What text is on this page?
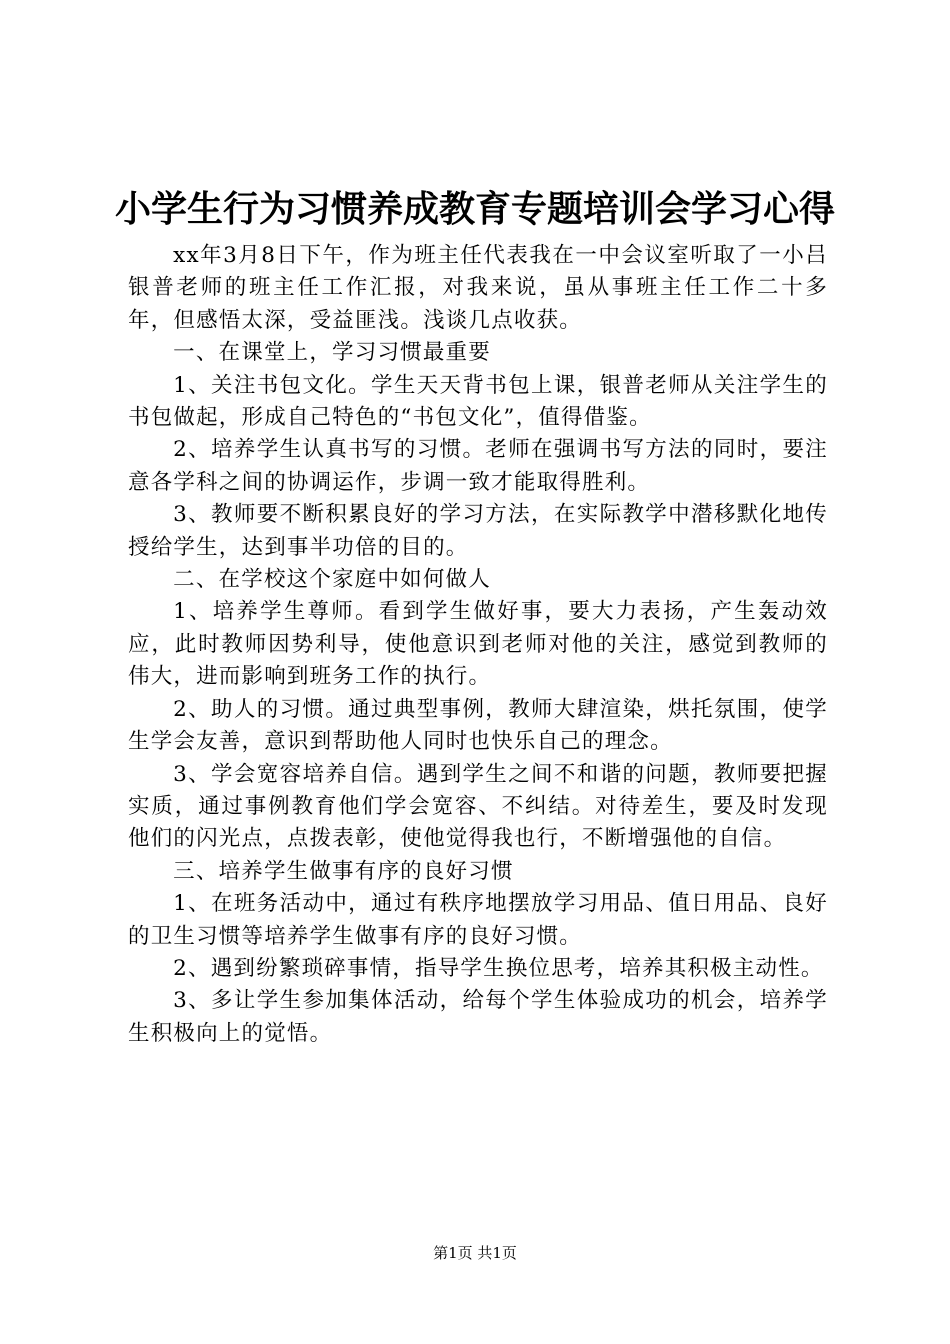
小学生行为习惯养成教育专题培训会学习心得

xx年3月8日下午，作为班主任代表我在一中会议室听取了一小吕银普老师的班主任工作汇报，对我来说，虽从事班主任工作二十多年，但感悟太深，受益匪浅。浅谈几点收获。

一、在课堂上，学习习惯最重要

1、关注书包文化。学生天天背书包上课，银普老师从关注学生的书包做起，形成自己特色的“书包文化”，值得借鉴。

2、培养学生认真书写的习惯。老师在强调书写方法的同时，要注意各学科之间的协调运作，步调一致才能取得胜利。

3、教师要不断积累良好的学习方法，在实际教学中潜移默化地传授给学生，达到事半功倍的目的。

二、在学校这个家庭中如何做人

1、培养学生尊师。看到学生做好事，要大力表扬，产生轰动效应，此时教师因势利导，使他意识到老师对他的关注，感觉到教师的伟大，进而影响到班务工作的执行。

2、助人的习惯。通过典型事例，教师大肆渲染，烘托氛围，使学生学会友善，意识到帮助他人同时也快乐自己的理念。

3、学会宽容培养自信。遇到学生之间不和谐的问题，教师要把握实质，通过事例教育他们学会宽容、不纠结。对待差生，要及时发现他们的闪光点，点拨表彰，使他觉得我也行，不断增强他的自信。

三、培养学生做事有序的良好习惯

1、在班务活动中，通过有秩序地摆放学习用品、值日用品、良好的卫生习惯等培养学生做事有序的良好习惯。

2、遇到纷繁琐碎事情，指导学生换位思考，培养其积极主动性。

3、多让学生参加集体活动，给每个学生体验成功的机会，培养学生积极向上的觉悟。

第1页 共1页
